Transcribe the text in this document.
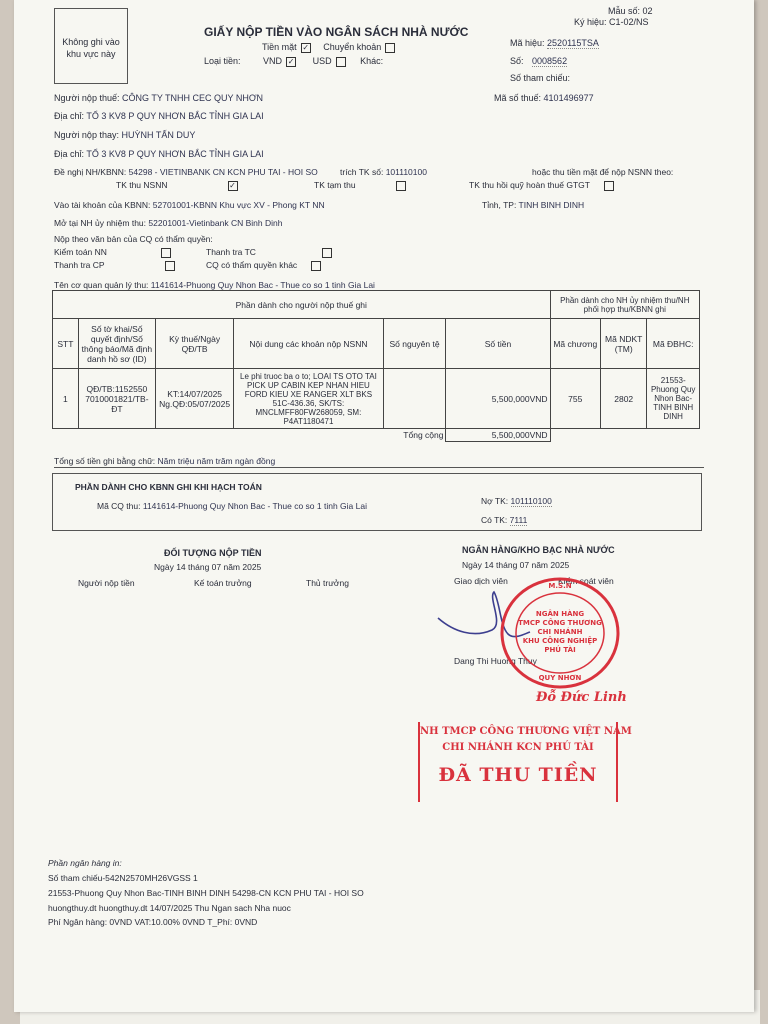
Không ghi vào
khu vực này
GIẤY NỘP TIỀN VÀO NGÂN SÁCH NHÀ NƯỚC
Mẫu số: 02
Ký hiệu: C1-02/NS
Tiền mặt ✓ Chuyển khoản
Loại tiền:	VND ✓ USD	Khác:
Mã hiệu: 2520115TSA
Số: 0008562
Số tham chiếu:
Người nộp thuế: CÔNG TY TNHH CEC QUY NHƠN	Mã số thuế: 4101496977
Địa chỉ: TỔ 3 KV8 P QUY NHƠN BẮC TỈNH GIA LAI
Người nộp thay: HUỲNH TẤN DUY
Địa chỉ: TỔ 3 KV8 P QUY NHƠN BẮC TỈNH GIA LAI
Đề nghị NH/KBNN: 54298 - VIETINBANK CN KCN PHU TAI - HOI SO	trích TK số: 101110100	hoặc thu tiền mặt để nộp NSNN theo:
TK thu NSNN	✓	TK tạm thu	TK thu hồi quỹ hoàn thuế GTGT
Vào tài khoản của KBNN: 52701001-KBNN Khu vực XV - Phong KT NN	Tỉnh, TP: TINH BINH DINH
Mở tại NH ủy nhiệm thu: 52201001-Vietinbank CN Binh Dinh
Nộp theo văn bản của CQ có thẩm quyền:
Kiểm toán NN	Thanh tra TC
Thanh tra CP	CQ có thẩm quyền khác
Tên cơ quan quản lý thu: 1141614-Phuong Quy Nhon Bac - Thue co so 1 tinh Gia Lai
Phần dành cho người nộp thuế ghi						Phần dành cho NH ủy nhiệm thu/NH phối hợp thu/KBNN ghi		
STT	Số tờ khai/Số quyết định/Số thông báo/Mã định danh hồ sơ (ID)	Kỳ thuế/Ngày QĐ/TB	Nội dung các khoản nộp NSNN	Số nguyên tệ	Số tiền	Mã chương	Mã NDKT (TM)	Mã ĐBHC:
1	QĐ/TB:1152550 7010001821/TB-ĐT	KT:14/07/2025 Ng.QĐ:05/07/2025	Le phi truoc ba o to; LOAI TS OTO TAI PICK UP CABIN KEP NHAN HIEU FORD KIEU XE RANGER XLT BKS 51C-436.36, SK/TS: MNCLMFF80FW268059, SM: P4AT1180471		5,500,000VND	755	2802	21553-Phuong Quy Nhon Bac-TINH BINH DINH
Tổng cộng					5,500,000VND			
Tổng số tiền ghi bằng chữ: Năm triệu năm trăm ngàn đồng
PHẦN DÀNH CHO KBNN GHI KHI HẠCH TOÁN
Mã CQ thu: 1141614-Phuong Quy Nhon Bac - Thue co so 1 tinh Gia Lai	Nợ TK: 101110100
Có TK: 7111
ĐỐI TƯỢNG NỘP TIỀN
Ngày 14 tháng 07 năm 2025
Người nộp tiền	Kế toán trưởng	Thủ trưởng
NGÂN HÀNG/KHO BẠC NHÀ NƯỚC
Ngày 14 tháng 07 năm 2025
Giao dịch viên	Kiểm soát viên
Dang Thi Huong Thuy
NGÂN HÀNG
TMCP CÔNG THƯƠNG
CHI NHÁNH
KHU CÔNG NGHIỆP
PHÚ TÀI
QUY NHƠN
M.S.N
Đỗ Đức Linh
NH TMCP CÔNG THƯƠNG VIỆT NAM
CHI NHÁNH KCN PHÚ TÀI
ĐÃ THU TIỀN
Phần ngân hàng in:
Số tham chiếu-542N2570MH26VGSS 1
21553-Phuong Quy Nhon Bac-TINH BINH DINH 54298-CN KCN PHU TAI - HOI SO
huongthuy.dt huongthuy.dt 14/07/2025 Thu Ngan sach Nha nuoc
Phí Ngân hàng: 0VND VAT:10.00% 0VND T_Phí: 0VND
